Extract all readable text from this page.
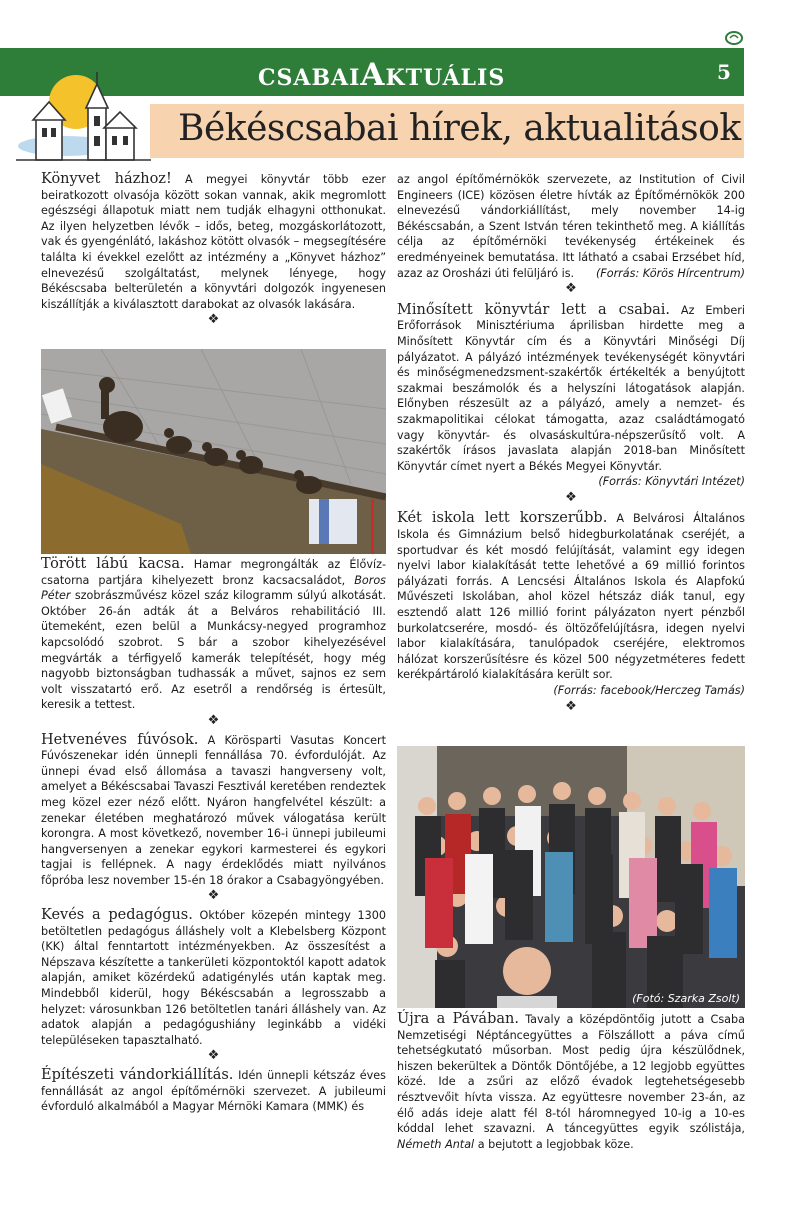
CSABAIAKTUÁLIS	5
Békéscsabai hírek, aktualitások

Könyvet házhoz! A megyei könyvtár több ezer beiratkozott olvasója között sokan vannak, akik megromlott egészségi állapotuk miatt nem tudják elhagyni otthonukat. Az ilyen helyzetben lévők – idős, beteg, mozgáskorlátozott, vak és gyengénlátó, lakáshoz kötött olvasók – megsegítésére találta ki évekkel ezelőtt az intézmény a „Könyvet házhoz” elnevezésű szolgáltatást, melynek lényege, hogy Békéscsaba belterületén a könyvtári dolgozók ingyenesen kiszállítják a kiválasztott darabokat az olvasók lakására.

❖

Törött lábú kacsa. Hamar megrongálták az Élővíz-csatorna partjára kihelyezett bronz kacsacsaládot, Boros Péter szobrászművész közel száz kilogramm súlyú alkotását. Október 26-án adták át a Belváros rehabilitáció III. ütemeként, ezen belül a Munkácsy-negyed programhoz kapcsolódó szobrot. S bár a szobor kihelyezésével megvárták a térfigyelő kamerák telepítését, hogy még nagyobb biztonságban tudhassák a művet, sajnos ez sem volt visszatartó erő. Az esetről a rendőrség is értesült, keresik a tettest.

❖

Hetvenéves fúvósok. A Körösparti Vasutas Koncert Fúvószenekar idén ünnepli fennállása 70. évfordulóját. Az ünnepi évad első állomása a tavaszi hangverseny volt, amelyet a Békéscsabai Tavaszi Fesztivál keretében rendeztek meg közel ezer néző előtt. Nyáron hangfelvétel készült: a zenekar életében meghatározó művek válogatása került korongra. A most következő, november 16-i ünnepi jubileumi hangversenyen a zenekar egykori karmesterei és egykori tagjai is fellépnek. A nagy érdeklődés miatt nyilvános főpróba lesz november 15-én 18 órakor a Csabagyöngyében.

❖

Kevés a pedagógus. Október közepén mintegy 1300 betöltetlen pedagógus álláshely volt a Klebelsberg Központ (KK) által fenntartott intézményekben. Az összesítést a Népszava készítette a tankerületi központoktól kapott adatok alapján, amiket közérdekű adatigénylés után kaptak meg. Mindebből kiderül, hogy Békéscsabán a legrosszabb a helyzet: városunkban 126 betöltetlen tanári álláshely van. Az adatok alapján a pedagógushiány leginkább a vidéki településeken tapasztalható.

❖

Építészeti vándorkiállítás. Idén ünnepli kétszáz éves fennállását az angol építőmérnöki szervezet. A jubileumi évforduló alkalmából a Magyar Mérnöki Kamara (MMK) és

az angol építőmérnökök szervezete, az Institution of Civil Engineers (ICE) közösen életre hívták az Építőmérnökök 200 elnevezésű vándorkiállítást, mely november 14-ig Békéscsabán, a Szent István téren tekinthető meg. A kiállítás célja az építőmérnöki tevékenység értékeinek és eredményeinek bemutatása. Itt látható a csabai Erzsébet híd, azaz az Orosházi úti felüljáró is. (Forrás: Körös Hírcentrum)

❖

Minősített könyvtár lett a csabai. Az Emberi Erőforrások Minisztériuma áprilisban hirdette meg a Minősített Könyvtár cím és a Könyvtári Minőségi Díj pályázatot. A pályázó intézmények tevékenységét könyvtári és minőségmenedzsment-szakértők értékelték a benyújtott szakmai beszámolók és a helyszíni látogatások alapján. Előnyben részesült az a pályázó, amely a nemzet- és szakmapolitikai célokat támogatta, azaz családtámogató vagy könyvtár- és olvasáskultúra-népszerűsítő volt. A szakértők írásos javaslata alapján 2018-ban Minősített Könyvtár címet nyert a Békés Megyei Könyvtár.
(Forrás: Könyvtári Intézet)

❖

Két iskola lett korszerűbb. A Belvárosi Általános Iskola és Gimnázium belső hidegburkolatának cseréjét, a sportudvar és két mosdó felújítását, valamint egy idegen nyelvi labor kialakítását tette lehetővé a 69 millió forintos pályázati forrás. A Lencsési Általános Iskola és Alapfokú Művészeti Iskolában, ahol közel hétszáz diák tanul, egy esztendő alatt 126 millió forint pályázaton nyert pénzből burkolatcserére, mosdó- és öltözőfelújításra, idegen nyelvi labor kialakítására, tanulópadok cseréjére, elektromos hálózat korszerűsítésre és közel 500 négyzetméteres fedett kerékpártároló kialakítására került sor.
(Forrás: facebook/Herczeg Tamás)

❖
(Fotó: Szarka Zsolt)

Újra a Pávában. Tavaly a középdöntőig jutott a Csaba Nemzetiségi Néptáncegyüttes a Fölszállott a páva című tehetségkutató műsorban. Most pedig újra készülődnek, hiszen bekerültek a Döntők Döntőjébe, a 12 legjobb együttes közé. Ide a zsűri az előző évadok legtehetségesebb résztvevőit hívta vissza. Az együttesre november 23-án, az élő adás ideje alatt fél 8-tól háromnegyed 10-ig a 10-es kóddal lehet szavazni. A táncegyüttes egyik szólistája, Németh Antal a bejutott a legjobbak köze.
